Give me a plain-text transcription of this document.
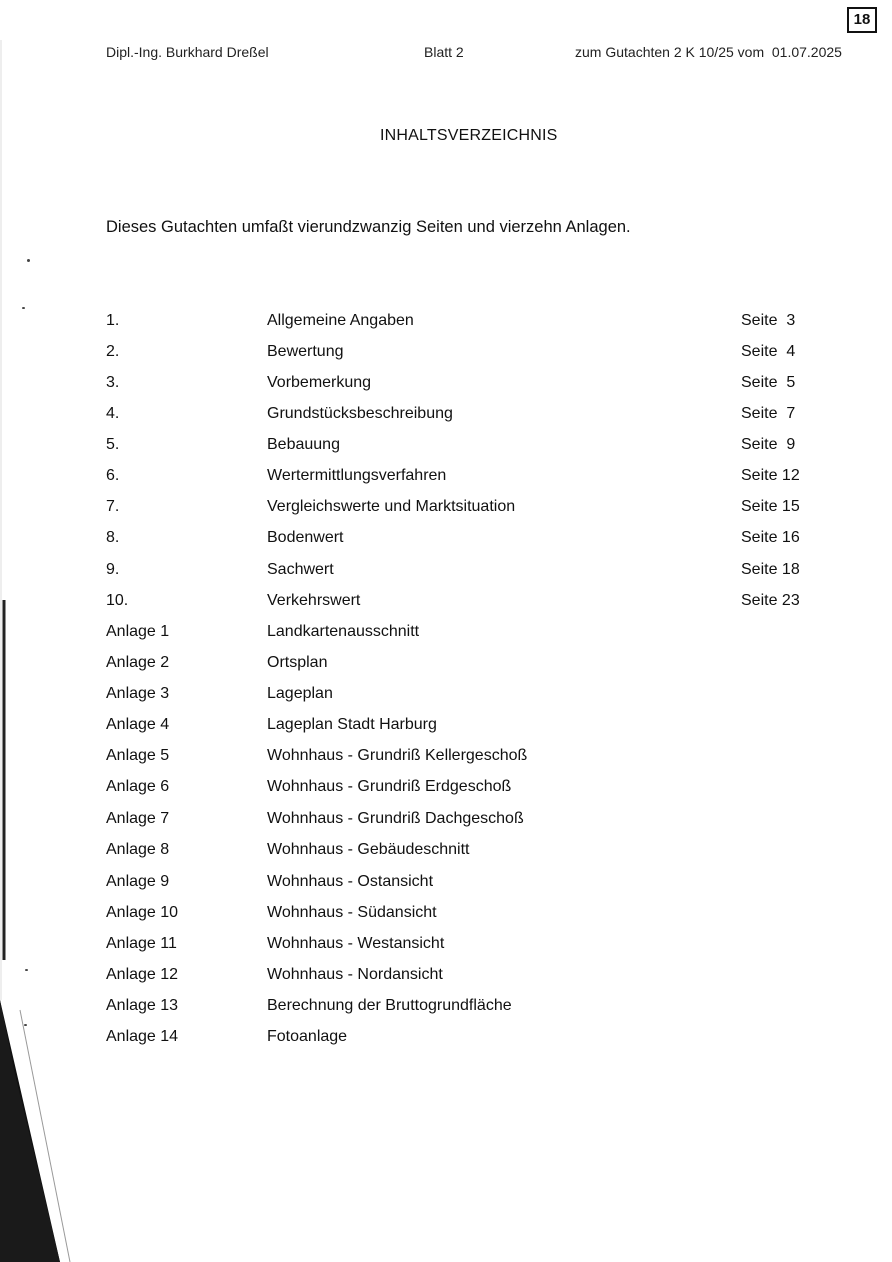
18
Dipl.-Ing. Burkhard Dreßel	Blatt 2	zum Gutachten 2 K 10/25 vom  01.07.2025
INHALTSVERZEICHNIS
Dieses Gutachten umfaßt vierundzwanzig Seiten und vierzehn Anlagen.
1.	Allgemeine Angaben	Seite  3
2.	Bewertung	Seite  4
3.	Vorbemerkung	Seite  5
4.	Grundstücksbeschreibung	Seite  7
5.	Bebauung	Seite  9
6.	Wertermittlungsverfahren	Seite 12
7.	Vergleichswerte und Marktsituation	Seite 15
8.	Bodenwert	Seite 16
9.	Sachwert	Seite 18
10.	Verkehrswert	Seite 23
Anlage 1	Landkartenausschnitt
Anlage 2	Ortsplan
Anlage 3	Lageplan
Anlage 4	Lageplan Stadt Harburg
Anlage 5	Wohnhaus - Grundriß Kellergeschoß
Anlage 6	Wohnhaus - Grundriß Erdgeschoß
Anlage 7	Wohnhaus - Grundriß Dachgeschoß
Anlage 8	Wohnhaus - Gebäudeschnitt
Anlage 9	Wohnhaus - Ostansicht
Anlage 10	Wohnhaus - Südansicht
Anlage 11	Wohnhaus - Westansicht
Anlage 12	Wohnhaus - Nordansicht
Anlage 13	Berechnung der Bruttogrundfläche
Anlage 14	Fotoanlage
